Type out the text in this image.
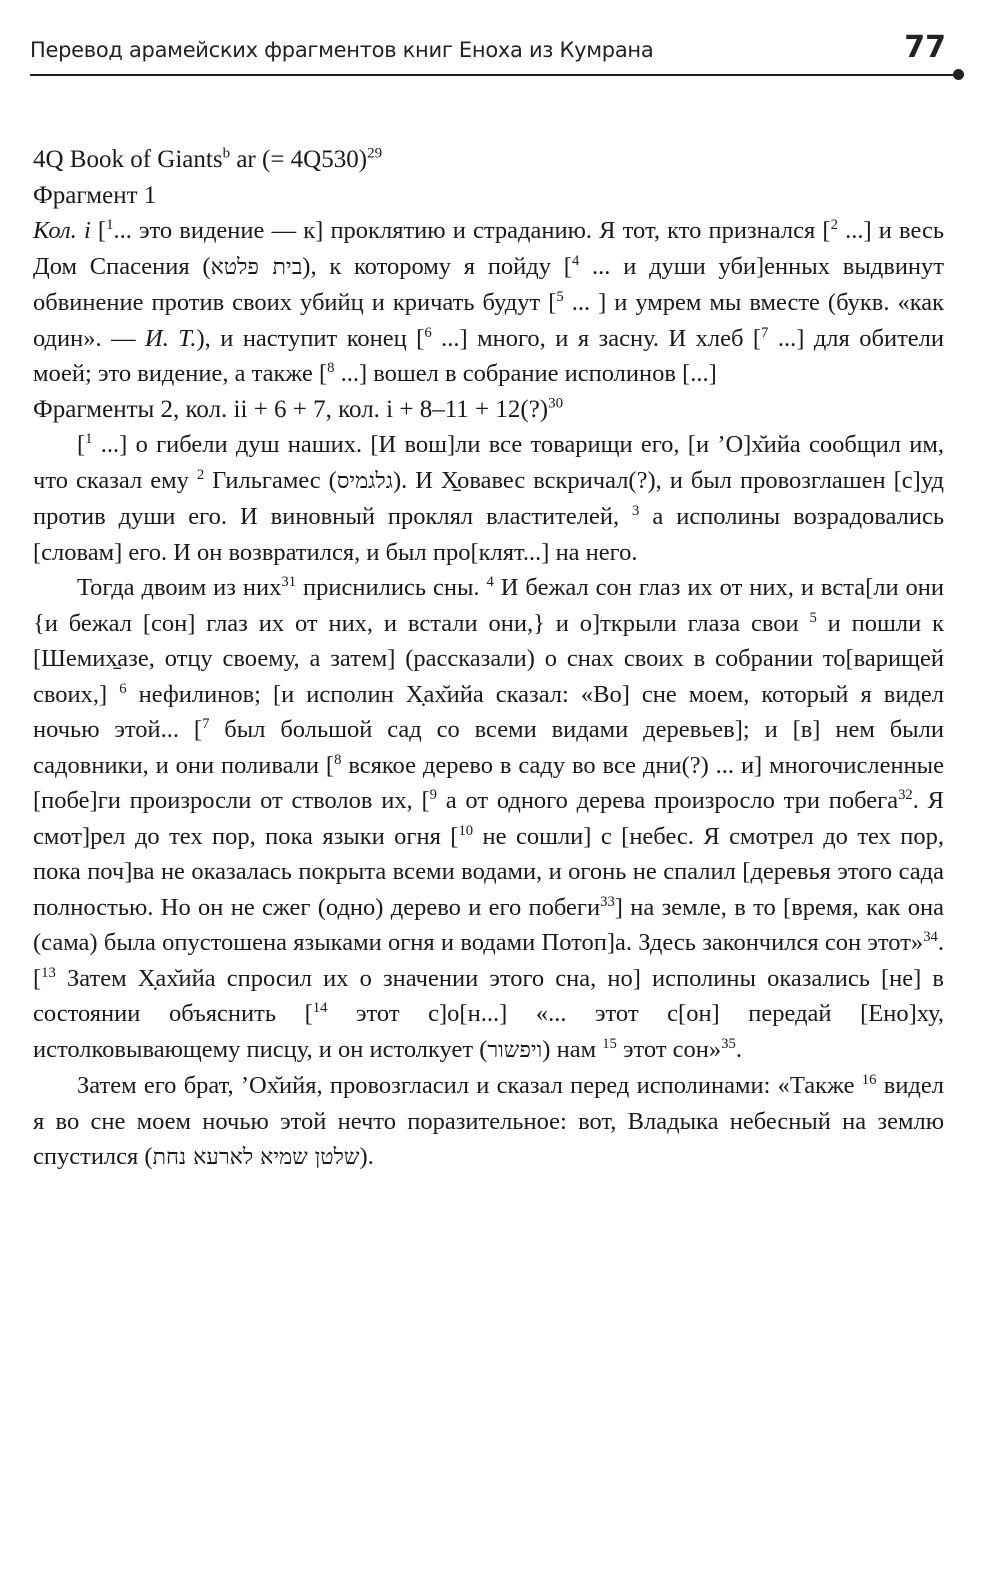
Перевод арамейских фрагментов книг Еноха из Кумрана	77

4Q Book of Giants$^b$ ar (= 4Q530)$^{29}$

Фрагмент 1

Кол. i [$^1$... это видение — к] проклятию и страданию. Я тот, кто признался [$^2$ ...] и весь Дом Спасения (בית פלטא), к которому я пойду [$^4$ ... и души уби]енных выдвинут обвинение против своих убийц и кричать будут [$^5$ ... ] и умрем мы вместе (букв. «как один». — И. Т.), и наступит конец [$^6$ ...] много, и я засну. И хлеб [$^7$ ...] для обители моей; это видение, а также [$^8$ ...] вошел в собрание исполинов [...]

Фрагменты 2, кол. ii + 6 + 7, кол. i + 8–11 + 12(?)$^{30}$

[$^1$ ...] о гибели душ наших. [И вош]ли все товарищи его, [и ’О]х̆ийа сообщил им, что сказал ему $^2$ Гильгамес (גלגמיס). И Х̱овавес вскричал(?), и был провозглашен [с]уд против души его. И виновный проклял властителей, $^3$ а исполины возрадовались [словам] его. И он возвратился, и был про[клят...] на него.

Тогда двоим из них$^{31}$ приснились сны. $^4$ И бежал сон глаз их от них, и вста[ли они {и бежал [сон] глаз их от них, и встали они,} и о]ткрыли глаза свои $^5$ и пошли к [Шемих̱азе, отцу своему, а затем] (рассказали) о снах своих в собрании то[варищей своих,] $^6$ нефилинов; [и исполин Х̣ах̆ийа сказал: «Во] сне моем, который я видел ночью этой... [$^7$ был большой сад со всеми видами деревьев]; и [в] нем были садовники, и они поливали [$^8$ всякое дерево в саду во все дни(?) ... и] многочисленные [побе]ги произросли от стволов их, [$^9$ а от одного дерева произросло три побега$^{32}$. Я смот]рел до тех пор, пока языки огня [$^{10}$ не сошли] с [небес. Я смотрел до тех пор, пока поч]ва не оказалась покрыта всеми водами, и огонь не спалил [деревья этого сада полностью. Но он не сжег (одно) дерево и его побеги$^{33}$] на земле, в то [время, как она (сама) была опустошена языками огня и водами Потоп]а. Здесь закончился сон этот»$^{34}$. [$^{13}$ Затем Х̣ах̆ийа спросил их о значении этого сна, но] исполины оказались [не] в состоянии объяснить [$^{14}$ этот с]о[н...] «... этот с[он] передай [Ено]ху, истолковывающему писцу, и он истолкует (ויפשור) нам $^{15}$ этот сон»$^{35}$.

Затем его брат, ’Ох̆ийя, провозгласил и сказал перед исполинами: «Также $^{16}$ видел я во сне моем ночью этой нечто поразительное: вот, Владыка небесный на землю спустился (שלטן שמיא לארעא נחת).
